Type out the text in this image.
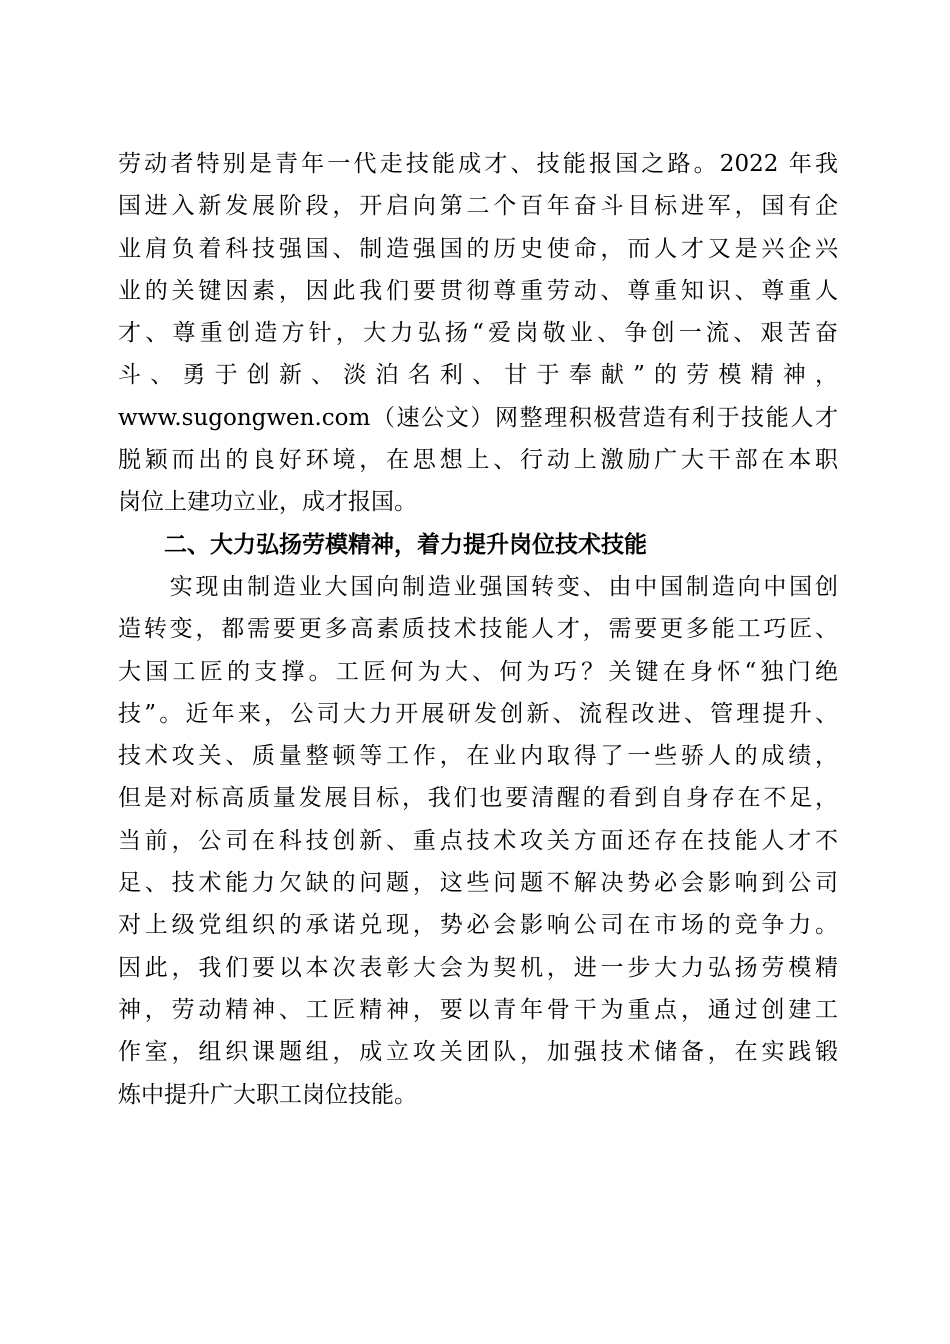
劳动者特别是青年一代走技能成才、技能报国之路。2022 年我
国进入新发展阶段，开启向第二个百年奋斗目标进军，国有企
业肩负着科技强国、制造强国的历史使命，而人才又是兴企兴
业的关键因素，因此我们要贯彻尊重劳动、尊重知识、尊重人
才、尊重创造方针，大力弘扬“爱岗敬业、争创一流、艰苦奋
斗、勇于创新、淡泊名利、甘于奉献”的劳模精神，
www.sugongwen.com（速公文）网整理积极营造有利于技能人才
脱颖而出的良好环境，在思想上、行动上激励广大干部在本职
岗位上建功立业，成才报国。
二、大力弘扬劳模精神，着力提升岗位技术技能
　　实现由制造业大国向制造业强国转变、由中国制造向中国创
造转变，都需要更多高素质技术技能人才，需要更多能工巧匠、
大国工匠的支撑。工匠何为大、何为巧？关键在身怀“独门绝
技”。近年来，公司大力开展研发创新、流程改进、管理提升、
技术攻关、质量整顿等工作，在业内取得了一些骄人的成绩，
但是对标高质量发展目标，我们也要清醒的看到自身存在不足，
当前，公司在科技创新、重点技术攻关方面还存在技能人才不
足、技术能力欠缺的问题，这些问题不解决势必会影响到公司
对上级党组织的承诺兑现，势必会影响公司在市场的竞争力。
因此，我们要以本次表彰大会为契机，进一步大力弘扬劳模精
神，劳动精神、工匠精神，要以青年骨干为重点，通过创建工
作室，组织课题组，成立攻关团队，加强技术储备，在实践锻
炼中提升广大职工岗位技能。
